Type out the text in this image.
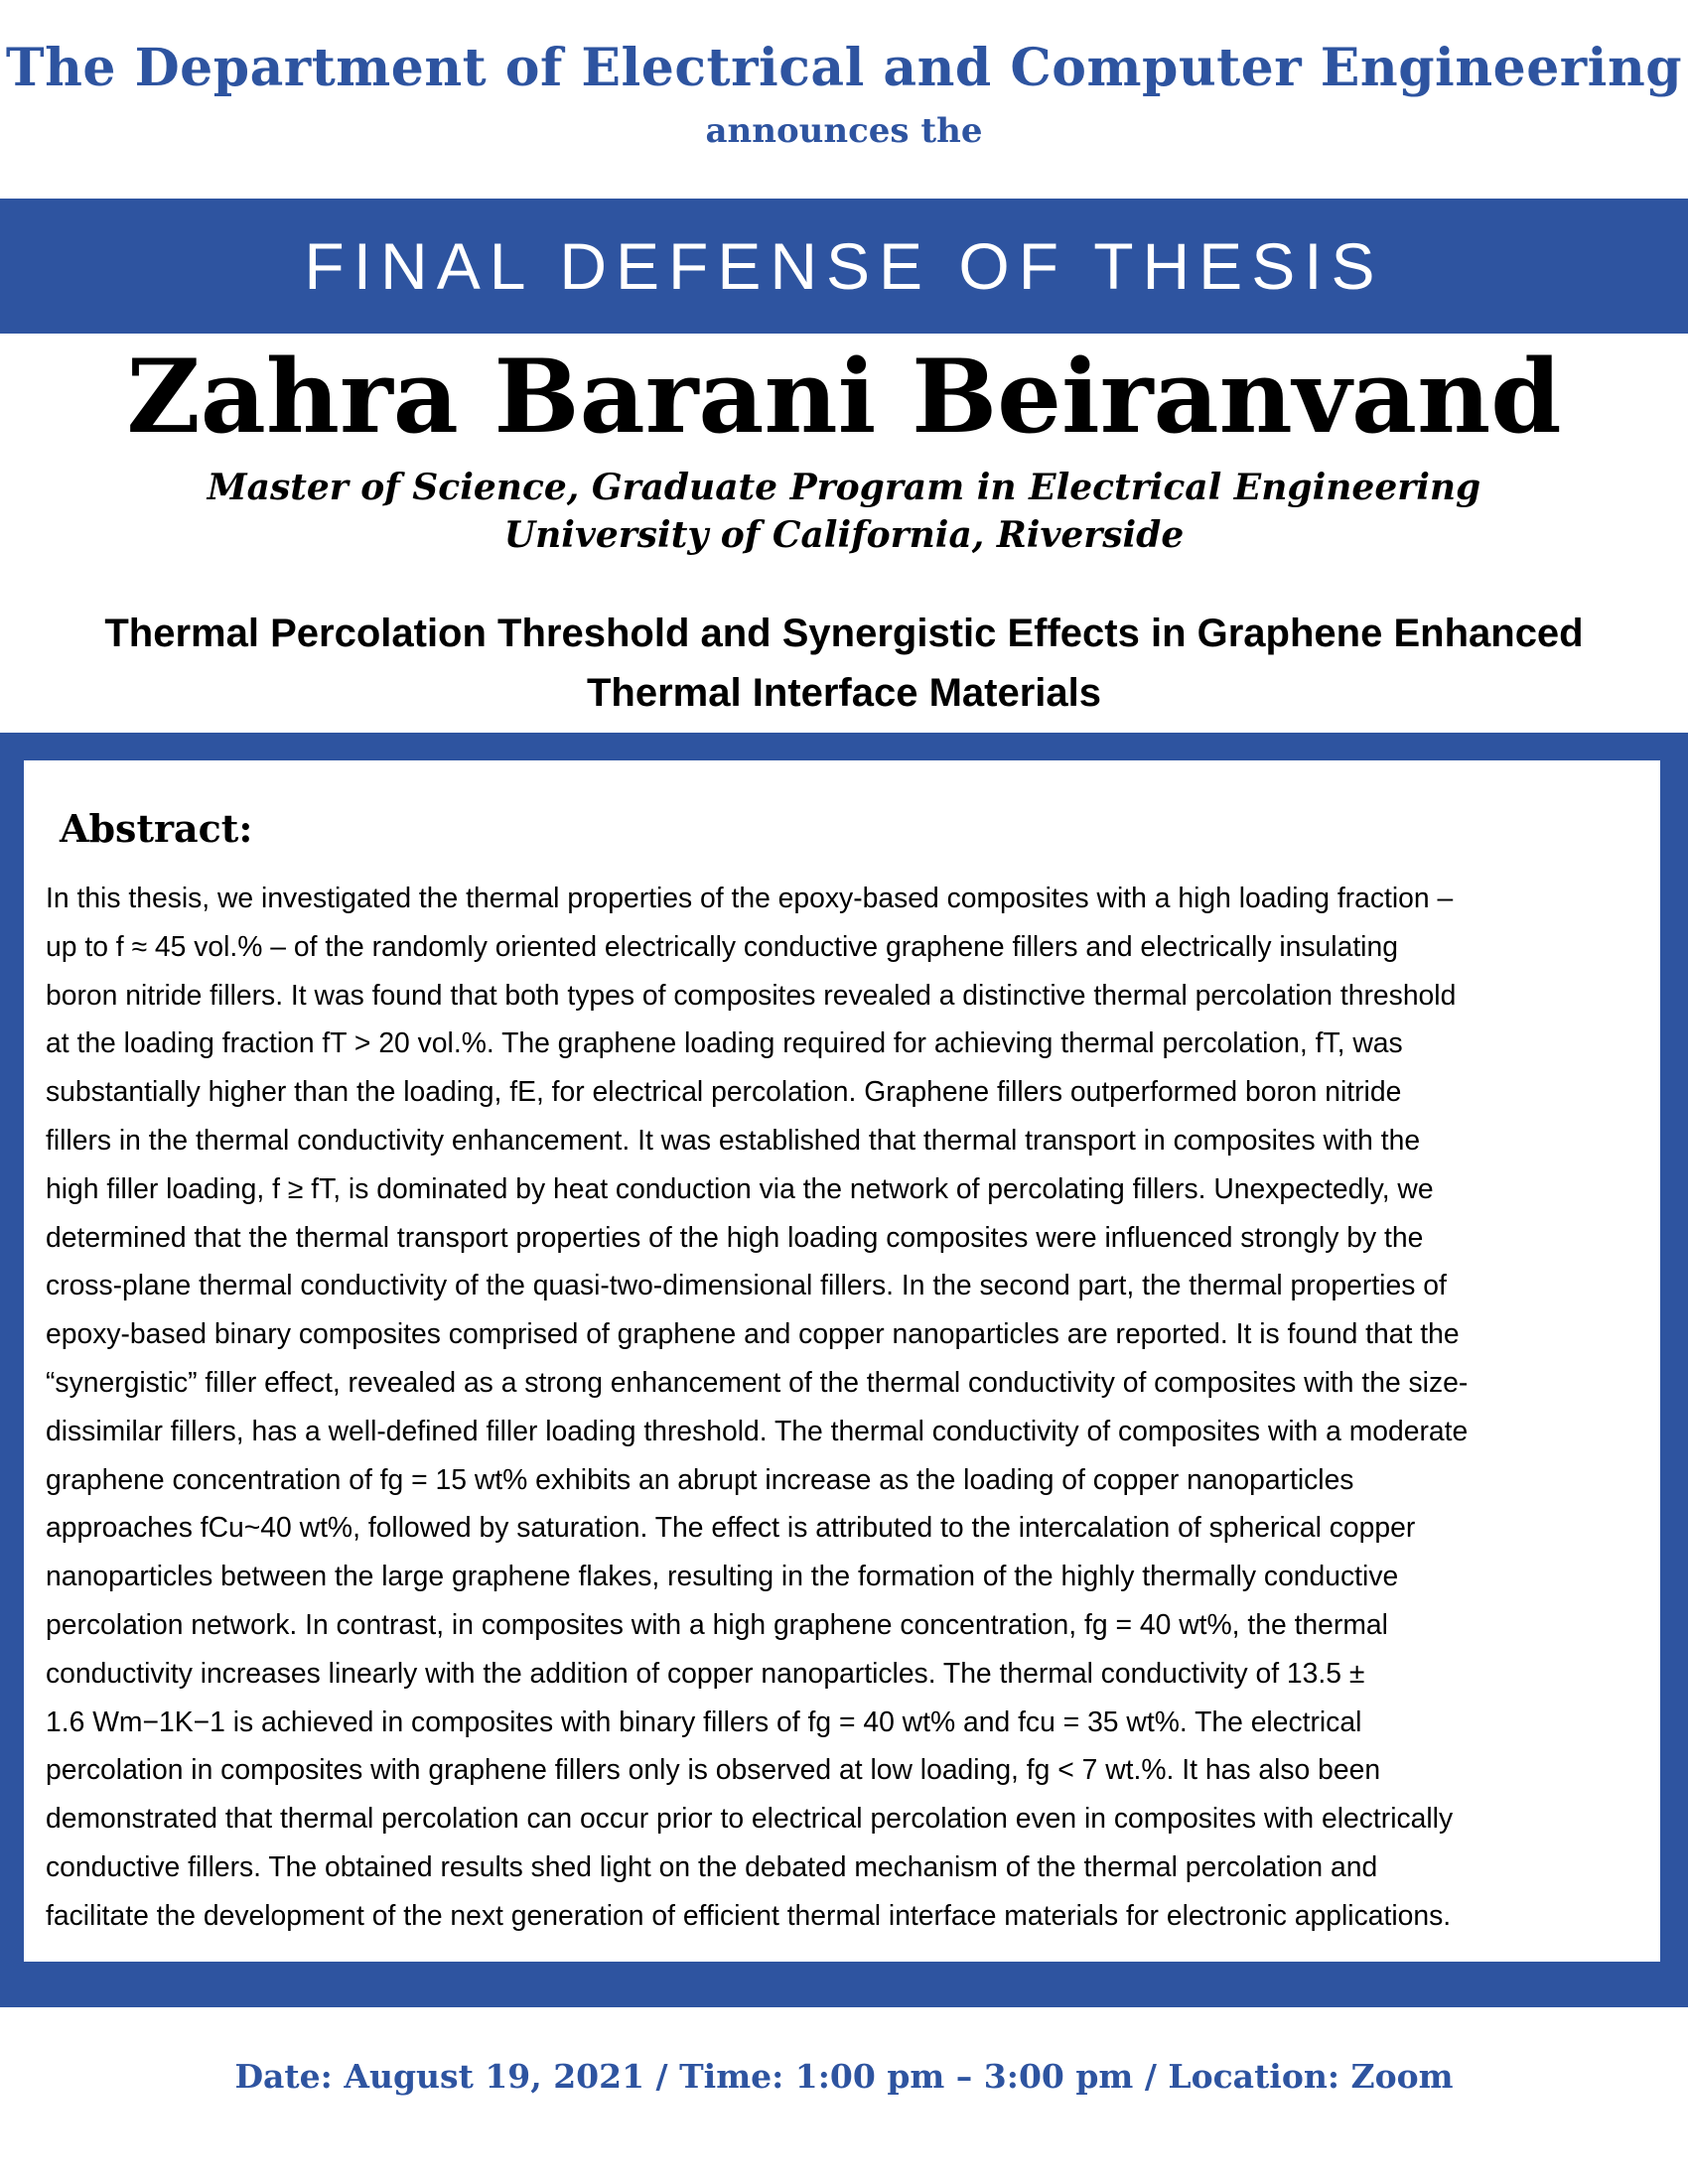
The Department of Electrical and Computer Engineering
announces the
FINAL DEFENSE OF THESIS
Zahra Barani Beiranvand
Master of Science, Graduate Program in Electrical Engineering
University of California, Riverside
Thermal Percolation Threshold and Synergistic Effects in Graphene Enhanced
Thermal Interface Materials
Abstract:

In this thesis, we investigated the thermal properties of the epoxy-based composites with a high loading fraction –

up to f ≈ 45 vol.% – of the randomly oriented electrically conductive graphene fillers and electrically insulating

boron nitride fillers. It was found that both types of composites revealed a distinctive thermal percolation threshold

at the loading fraction fT > 20 vol.%. The graphene loading required for achieving thermal percolation, fT, was

substantially higher than the loading, fE, for electrical percolation. Graphene fillers outperformed boron nitride

fillers in the thermal conductivity enhancement. It was established that thermal transport in composites with the

high filler loading, f ≥ fT, is dominated by heat conduction via the network of percolating fillers. Unexpectedly, we

determined that the thermal transport properties of the high loading composites were influenced strongly by the

cross-plane thermal conductivity of the quasi-two-dimensional fillers. In the second part, the thermal properties of

epoxy-based binary composites comprised of graphene and copper nanoparticles are reported. It is found that the

“synergistic” filler effect, revealed as a strong enhancement of the thermal conductivity of composites with the size-

dissimilar fillers, has a well-defined filler loading threshold. The thermal conductivity of composites with a moderate

graphene concentration of fg = 15 wt% exhibits an abrupt increase as the loading of copper nanoparticles

approaches fCu~40 wt%, followed by saturation. The effect is attributed to the intercalation of spherical copper

nanoparticles between the large graphene flakes, resulting in the formation of the highly thermally conductive

percolation network. In contrast, in composites with a high graphene concentration, fg = 40 wt%, the thermal

conductivity increases linearly with the addition of copper nanoparticles. The thermal conductivity of 13.5 ±

1.6 Wm−1K−1 is achieved in composites with binary fillers of fg = 40 wt% and fcu = 35 wt%. The electrical

percolation in composites with graphene fillers only is observed at low loading, fg < 7 wt.%. It has also been

demonstrated that thermal percolation can occur prior to electrical percolation even in composites with electrically

conductive fillers. The obtained results shed light on the debated mechanism of the thermal percolation and

facilitate the development of the next generation of efficient thermal interface materials for electronic applications.

Date: August 19, 2021 / Time: 1:00 pm – 3:00 pm / Location: Zoom
